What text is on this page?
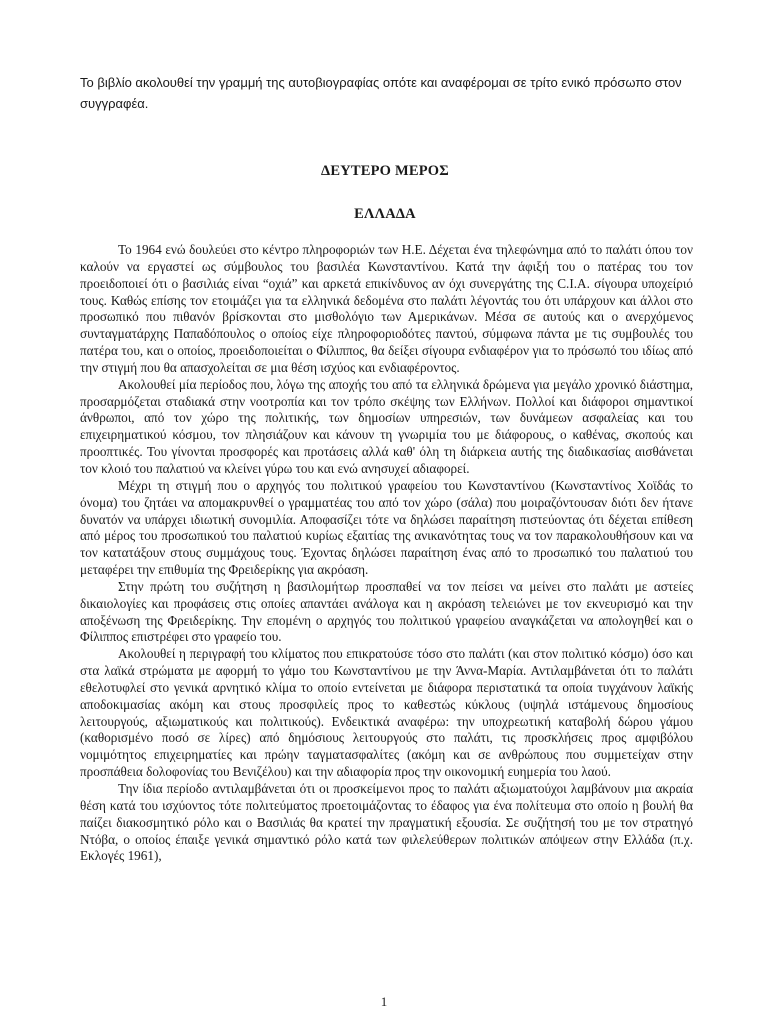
Το βιβλίο ακολουθεί την γραμμή της αυτοβιογραφίας οπότε και αναφέρομαι σε τρίτο ενικό πρόσωπο στον συγγραφέα.

ΔΕΥΤΕΡΟ ΜΕΡΟΣ
ΕΛΛΑΔΑ

Το 1964 ενώ δουλεύει στο κέντρο πληροφοριών των Η.Ε. Δέχεται ένα τηλεφώνημα από το παλάτι όπου τον καλούν να εργαστεί ως σύμβουλος του βασιλέα Κωνσταντίνου. Κατά την άφιξή του ο πατέρας του τον προειδοποιεί ότι ο βασιλιάς είναι “οχιά” και αρκετά επικίνδυνος αν όχι συνεργάτης της C.I.A. σίγουρα υποχείριό τους. Καθώς επίσης τον ετοιμάζει για τα ελληνικά δεδομένα στο παλάτι λέγοντάς του ότι υπάρχουν και άλλοι στο προσωπικό που πιθανόν βρίσκονται στο μισθολόγιο των Αμερικάνων. Μέσα σε αυτούς και ο ανερχόμενος συνταγματάρχης Παπαδόπουλος ο οποίος είχε πληροφοριοδότες παντού, σύμφωνα πάντα με τις συμβουλές του πατέρα του, και ο οποίος, προειδοποιείται ο Φίλιππος, θα δείξει σίγουρα ενδιαφέρον για το πρόσωπό του ιδίως από την στιγμή που θα απασχολείται σε μια θέση ισχύος και ενδιαφέροντος.

Ακολουθεί μία περίοδος που, λόγω της αποχής του από τα ελληνικά δρώμενα για μεγάλο χρονικό διάστημα, προσαρμόζεται σταδιακά στην νοοτροπία και τον τρόπο σκέψης των Ελλήνων. Πολλοί και διάφοροι σημαντικοί άνθρωποι, από τον χώρο της πολιτικής, των δημοσίων υπηρεσιών, των δυνάμεων ασφαλείας και του επιχειρηματικού κόσμου, τον πλησιάζουν και κάνουν τη γνωριμία του με διάφορους, ο καθένας, σκοπούς και προοπτικές. Του γίνονται προσφορές και προτάσεις αλλά καθ' όλη τη διάρκεια αυτής της διαδικασίας αισθάνεται τον κλοιό του παλατιού να κλείνει γύρω του και ενώ ανησυχεί αδιαφορεί.

Μέχρι τη στιγμή που ο αρχηγός του πολιτικού γραφείου του Κωνσταντίνου (Κωνσταντίνος Χοϊδάς το όνομα) του ζητάει να απομακρυνθεί ο γραμματέας του από τον χώρο (σάλα) που μοιραζόντουσαν διότι δεν ήτανε δυνατόν να υπάρχει ιδιωτική συνομιλία. Αποφασίζει τότε να δηλώσει παραίτηση πιστεύοντας ότι δέχεται επίθεση από μέρος του προσωπικού του παλατιού κυρίως εξαιτίας της ανικανότητας τους να τον παρακολουθήσουν και να τον κατατάξουν στους συμμάχους τους. Έχοντας δηλώσει παραίτηση ένας από το προσωπικό του παλατιού του μεταφέρει την επιθυμία της Φρειδερίκης για ακρόαση.

Στην πρώτη του συζήτηση η βασιλομήτωρ προσπαθεί να τον πείσει να μείνει στο παλάτι με αστείες δικαιολογίες και προφάσεις στις οποίες απαντάει ανάλογα και η ακρόαση τελειώνει με τον εκνευρισμό και την αποξένωση της Φρειδερίκης. Την επομένη ο αρχηγός του πολιτικού γραφείου αναγκάζεται να απολογηθεί και ο Φίλιππος επιστρέφει στο γραφείο του.

Ακολουθεί η περιγραφή του κλίματος που επικρατούσε τόσο στο παλάτι (και στον πολιτικό κόσμο) όσο και στα λαϊκά στρώματα με αφορμή το γάμο του Κωνσταντίνου με την Άννα-Μαρία. Αντιλαμβάνεται ότι το παλάτι εθελοτυφλεί στο γενικά αρνητικό κλίμα το οποίο εντείνεται με διάφορα περιστατικά τα οποία τυγχάνουν λαϊκής αποδοκιμασίας ακόμη και στους προσφιλείς προς το καθεστώς κύκλους (υψηλά ιστάμενους δημοσίους λειτουργούς, αξιωματικούς και πολιτικούς). Ενδεικτικά αναφέρω: την υποχρεωτική καταβολή δώρου γάμου (καθορισμένο ποσό σε λίρες) από δημόσιους λειτουργούς στο παλάτι, τις προσκλήσεις προς αμφιβόλου νομιμότητος επιχειρηματίες και πρώην ταγματασφαλίτες (ακόμη και σε ανθρώπους που συμμετείχαν στην προσπάθεια δολοφονίας του Βενιζέλου) και την αδιαφορία προς την οικονομική ευημερία του λαού.

Την ίδια περίοδο αντιλαμβάνεται ότι οι προσκείμενοι προς το παλάτι αξιωματούχοι λαμβάνουν μια ακραία θέση κατά του ισχύοντος τότε πολιτεύματος προετοιμάζοντας το έδαφος για ένα πολίτευμα στο οποίο η βουλή θα παίζει διακοσμητικό ρόλο και ο Βασιλιάς θα κρατεί την πραγματική εξουσία. Σε συζήτησή του με τον στρατηγό Ντόβα, ο οποίος έπαιξε γενικά σημαντικό ρόλο κατά των φιλελεύθερων πολιτικών απόψεων στην Ελλάδα (π.χ. Εκλογές 1961),

1
